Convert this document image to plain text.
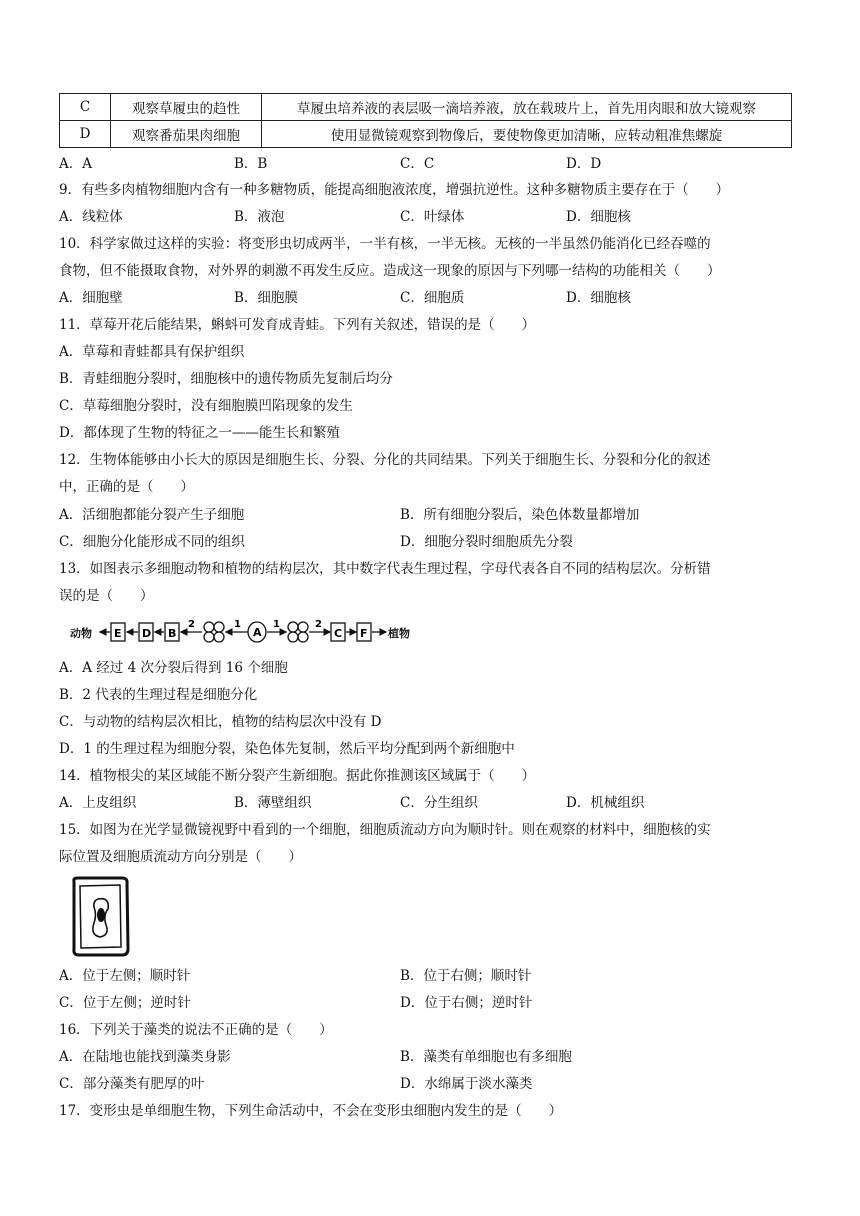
C	观察草履虫的趋性	草履虫培养液的表层吸一滴培养液，放在载玻片上，首先用肉眼和放大镜观察
D	观察番茄果肉细胞	使用显微镜观察到物像后，要使物像更加清晰，应转动粗准焦螺旋
A．A	B．B	C．C	D．D
9．有些多肉植物细胞内含有一种多糖物质，能提高细胞液浓度，增强抗逆性。这种多糖物质主要存在于（　　）
A．线粒体	B．液泡	C．叶绿体	D．细胞核
10．科学家做过这样的实验：将变形虫切成两半，一半有核，一半无核。无核的一半虽然仍能消化已经吞噬的
食物，但不能摄取食物，对外界的刺激不再发生反应。造成这一现象的原因与下列哪一结构的功能相关（　　）
A．细胞壁	B．细胞膜	C．细胞质	D．细胞核
11．草莓开花后能结果，蝌蚪可发育成青蛙。下列有关叙述，错误的是（　　）
A．草莓和青蛙都具有保护组织
B．青蛙细胞分裂时，细胞核中的遗传物质先复制后均分
C．草莓细胞分裂时，没有细胞膜凹陷现象的发生
D．都体现了生物的特征之一——能生长和繁殖
12．生物体能够由小长大的原因是细胞生长、分裂、分化的共同结果。下列关于细胞生长、分裂和分化的叙述
中，正确的是（　　）
A．活细胞都能分裂产生子细胞	B．所有细胞分裂后，染色体数量都增加
C．细胞分化能形成不同的组织	D．细胞分裂时细胞质先分裂
13．如图表示多细胞动物和植物的结构层次，其中数字代表生理过程，字母代表各自不同的结构层次。分析错
误的是（　　）
动物	植物
E D B
2	1
A
1	2
C F
A．A 经过 4 次分裂后得到 16 个细胞
B．2 代表的生理过程是细胞分化
C．与动物的结构层次相比，植物的结构层次中没有 D
D．1 的生理过程为细胞分裂，染色体先复制，然后平均分配到两个新细胞中
14．植物根尖的某区域能不断分裂产生新细胞。据此你推测该区域属于（　　）
A．上皮组织	B．薄壁组织	C．分生组织	D．机械组织
15．如图为在光学显微镜视野中看到的一个细胞，细胞质流动方向为顺时针。则在观察的材料中，细胞核的实
际位置及细胞质流动方向分别是（　　）
A．位于左侧；顺时针	B．位于右侧；顺时针
C．位于左侧；逆时针	D．位于右侧；逆时针
16．下列关于藻类的说法不正确的是（　　）
A．在陆地也能找到藻类身影	B．藻类有单细胞也有多细胞
C．部分藻类有肥厚的叶	D．水绵属于淡水藻类
17．变形虫是单细胞生物，下列生命活动中，不会在变形虫细胞内发生的是（　　）
